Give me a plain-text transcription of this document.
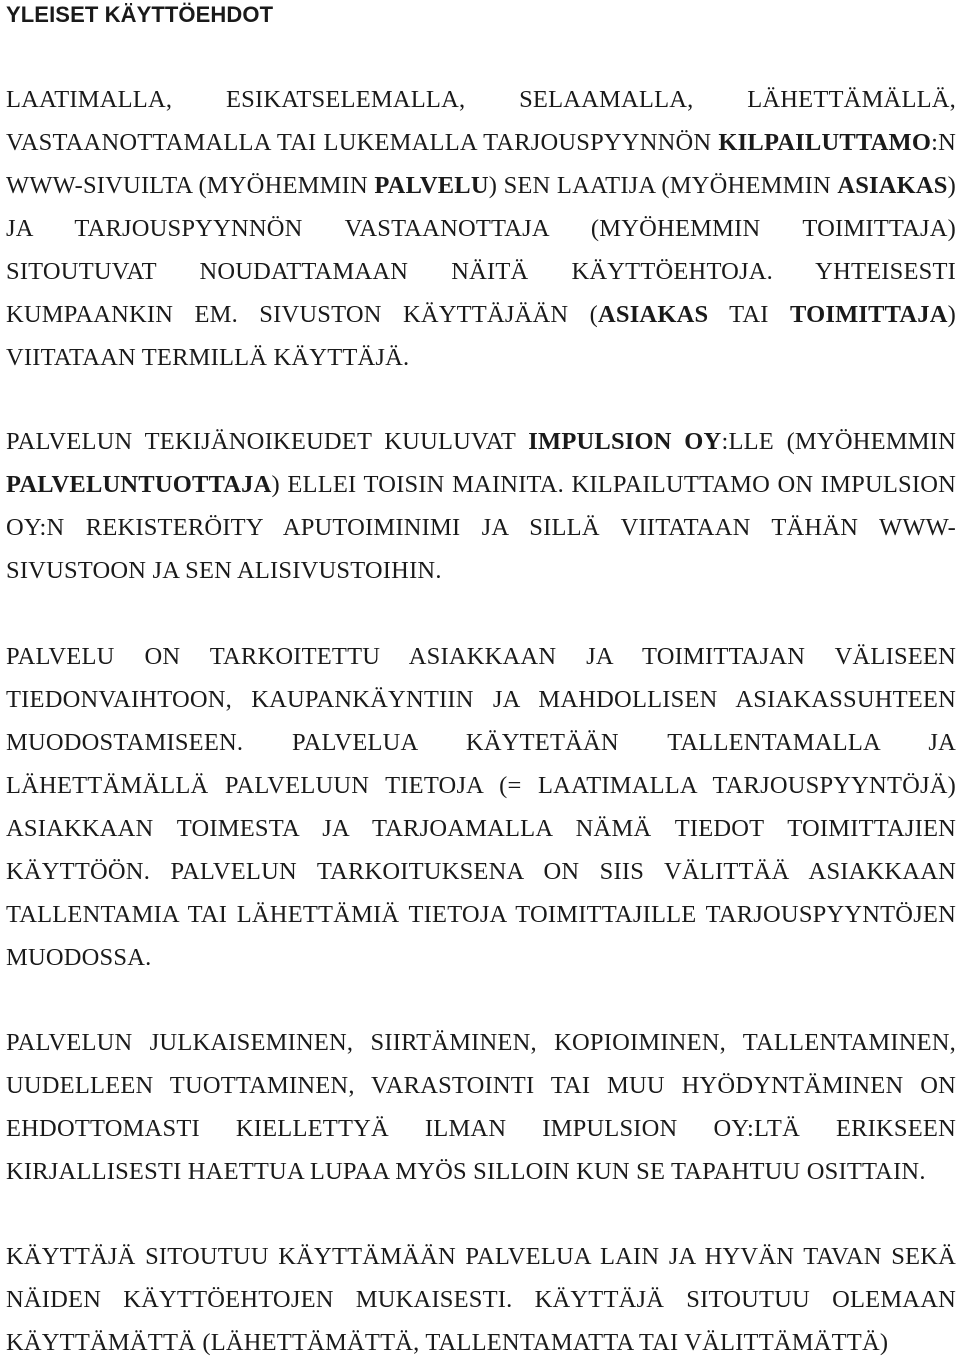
YLEISET KÄYTTÖEHDOT

LAATIMALLA, ESIKATSELEMALLA, SELAAMALLA, LÄHETTÄMÄLLÄ, VASTAANOTTAMALLA TAI LUKEMALLA TARJOUSPYYNNÖN KILPAILUTTAMO:N WWW-SIVUILTA (MYÖHEMMIN PALVELU) SEN LAATIJA (MYÖHEMMIN ASIAKAS) JA TARJOUSPYYNNÖN VASTAANOTTAJA (MYÖHEMMIN TOIMITTAJA) SITOUTUVAT NOUDATTAMAAN NÄITÄ KÄYTTÖEHTOJA. YHTEISESTI KUMPAANKIN EM. SIVUSTON KÄYTTÄJÄÄN (ASIAKAS TAI TOIMITTAJA) VIITATAAN TERMILLÄ KÄYTTÄJÄ.

PALVELUN TEKIJÄNOIKEUDET KUULUVAT IMPULSION OY:LLE (MYÖHEMMIN PALVELUNTUOTTAJA) ELLEI TOISIN MAINITA. KILPAILUTTAMO ON IMPULSION OY:N REKISTERÖITY APUTOIMINIMI JA SILLÄ VIITATAAN TÄHÄN WWW-SIVUSTOON JA SEN ALISIVUSTOIHIN.

PALVELU ON TARKOITETTU ASIAKKAAN JA TOIMITTAJAN VÄLISEEN TIEDONVAIHTOON, KAUPANKÄYNTIIN JA MAHDOLLISEN ASIAKASSUHTEEN MUODOSTAMISEEN. PALVELUA KÄYTETÄÄN TALLENTAMALLA JA LÄHETTÄMÄLLÄ PALVELUUN TIETOJA (= LAATIMALLA TARJOUSPYYNTÖJÄ) ASIAKKAAN TOIMESTA JA TARJOAMALLA NÄMÄ TIEDOT TOIMITTAJIEN KÄYTTÖÖN. PALVELUN TARKOITUKSENA ON SIIS VÄLITTÄÄ ASIAKKAAN TALLENTAMIA TAI LÄHETTÄMIÄ TIETOJA TOIMITTAJILLE TARJOUSPYYNTÖJEN MUODOSSA.

PALVELUN JULKAISEMINEN, SIIRTÄMINEN, KOPIOIMINEN, TALLENTAMINEN, UUDELLEEN TUOTTAMINEN, VARASTOINTI TAI MUU HYÖDYNTÄMINEN ON EHDOTTOMASTI KIELLETTYÄ ILMAN IMPULSION OY:LTÄ ERIKSEEN KIRJALLISESTI HAETTUA LUPAA MYÖS SILLOIN KUN SE TAPAHTUU OSITTAIN.

KÄYTTÄJÄ SITOUTUU KÄYTTÄMÄÄN PALVELUA LAIN JA HYVÄN TAVAN SEKÄ NÄIDEN KÄYTTÖEHTOJEN MUKAISESTI. KÄYTTÄJÄ SITOUTUU OLEMAAN KÄYTTÄMÄTTÄ (LÄHETTÄMÄTTÄ, TALLENTAMATTA TAI VÄLITTÄMÄTTÄ)
